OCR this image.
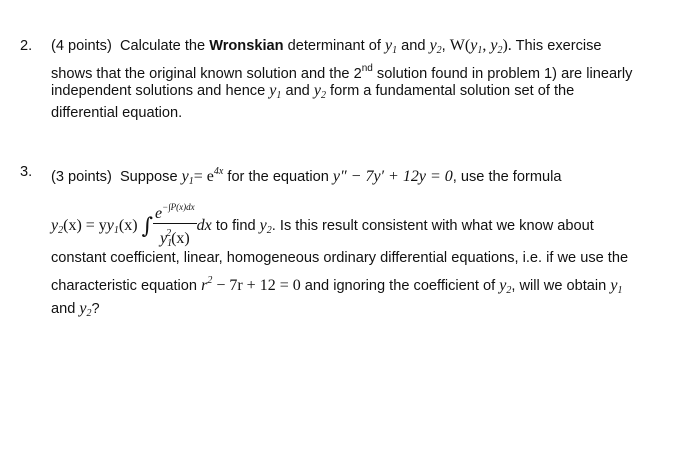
2. (4 points) Calculate the Wronskian determinant of $y_1$ and $y_2$, $W(y_1$, $y_2$). This exercise
shows that the original known solution and the 2nd solution found in problem 1) are linearly
independent solutions and hence $y_1$ and $y_2$ form a fundamental solution set of the
differential equation.
3. (3 points) Suppose $y_1= e^{4x}$ for the equation y″ − 7y′ + 12y = 0, use the formula
$y_2(x) = yy_1(x)$ ∫ $\frac{e^{-\int P(x)dx}}{y_1^2(x)}$ dx to find $y_2$. Is this result consistent with what we know about
constant coefficient, linear, homogeneous ordinary differential equations, i.e. if we use the
characteristic equation $r^2 - 7r + 12 = 0$ and ignoring the coefficient of $y_2$, will we obtain $y_1$
and $y_2$?
